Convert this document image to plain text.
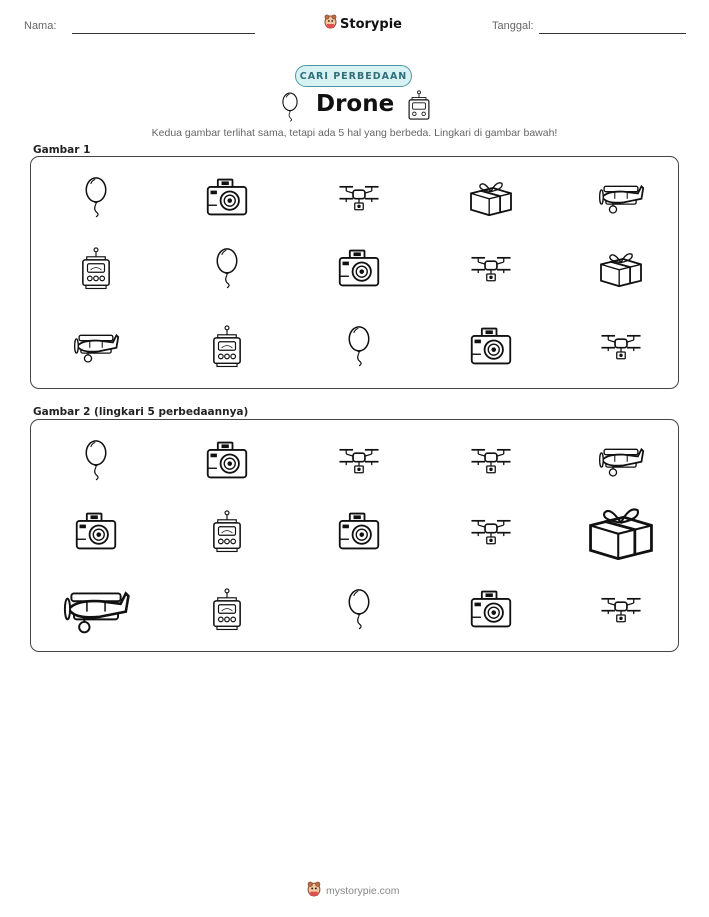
Nama:	Storypie	Tanggal:
CARI PERBEDAAN
Drone
Kedua gambar terlihat sama, tetapi ada 5 hal yang berbeda. Lingkari di gambar bawah!
Gambar 1
Gambar 2 (lingkari 5 perbedaannya)
mystorypie.com
